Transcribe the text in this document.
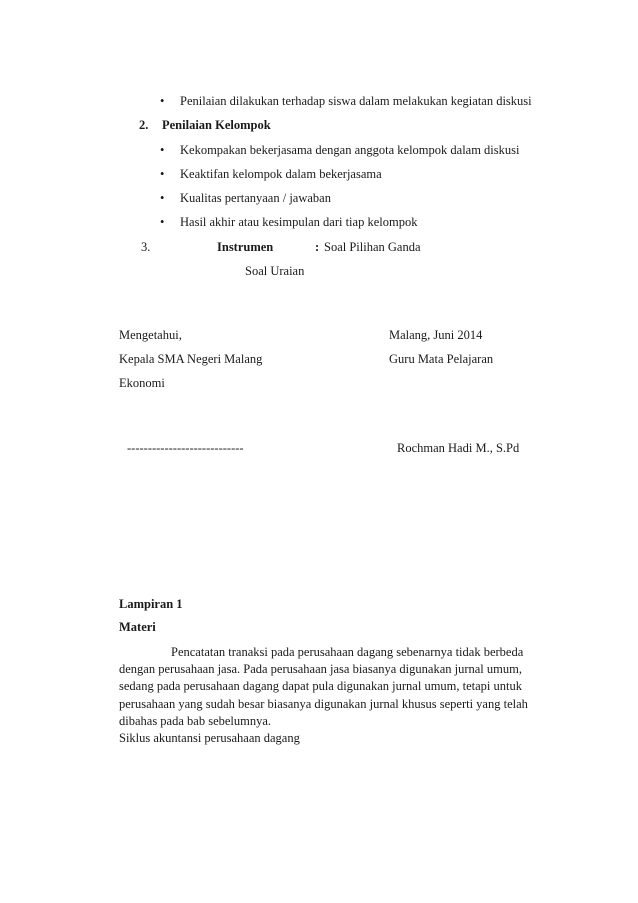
• Penilaian dilakukan terhadap siswa dalam melakukan kegiatan diskusi
2. Penilaian Kelompok
• Kekompakan bekerjasama dengan anggota kelompok dalam diskusi
• Keaktifan kelompok dalam bekerjasama
• Kualitas pertanyaan / jawaban
• Hasil akhir atau kesimpulan dari tiap kelompok
3.	Instrumen	: Soal Pilihan Ganda
Soal Uraian
Mengetahui,	Malang, Juni 2014
Kepala SMA Negeri Malang	Guru Mata Pelajaran
Ekonomi
----------------------------	Rochman Hadi M., S.Pd
Lampiran 1
Materi
Pencatatan tranaksi pada perusahaan dagang sebenarnya tidak berbeda
dengan perusahaan jasa. Pada perusahaan jasa biasanya digunakan jurnal umum,
sedang pada perusahaan dagang dapat pula digunakan jurnal umum, tetapi untuk
perusahaan yang sudah besar biasanya digunakan jurnal khusus seperti yang telah
dibahas pada bab sebelumnya.
Siklus akuntansi perusahaan dagang
